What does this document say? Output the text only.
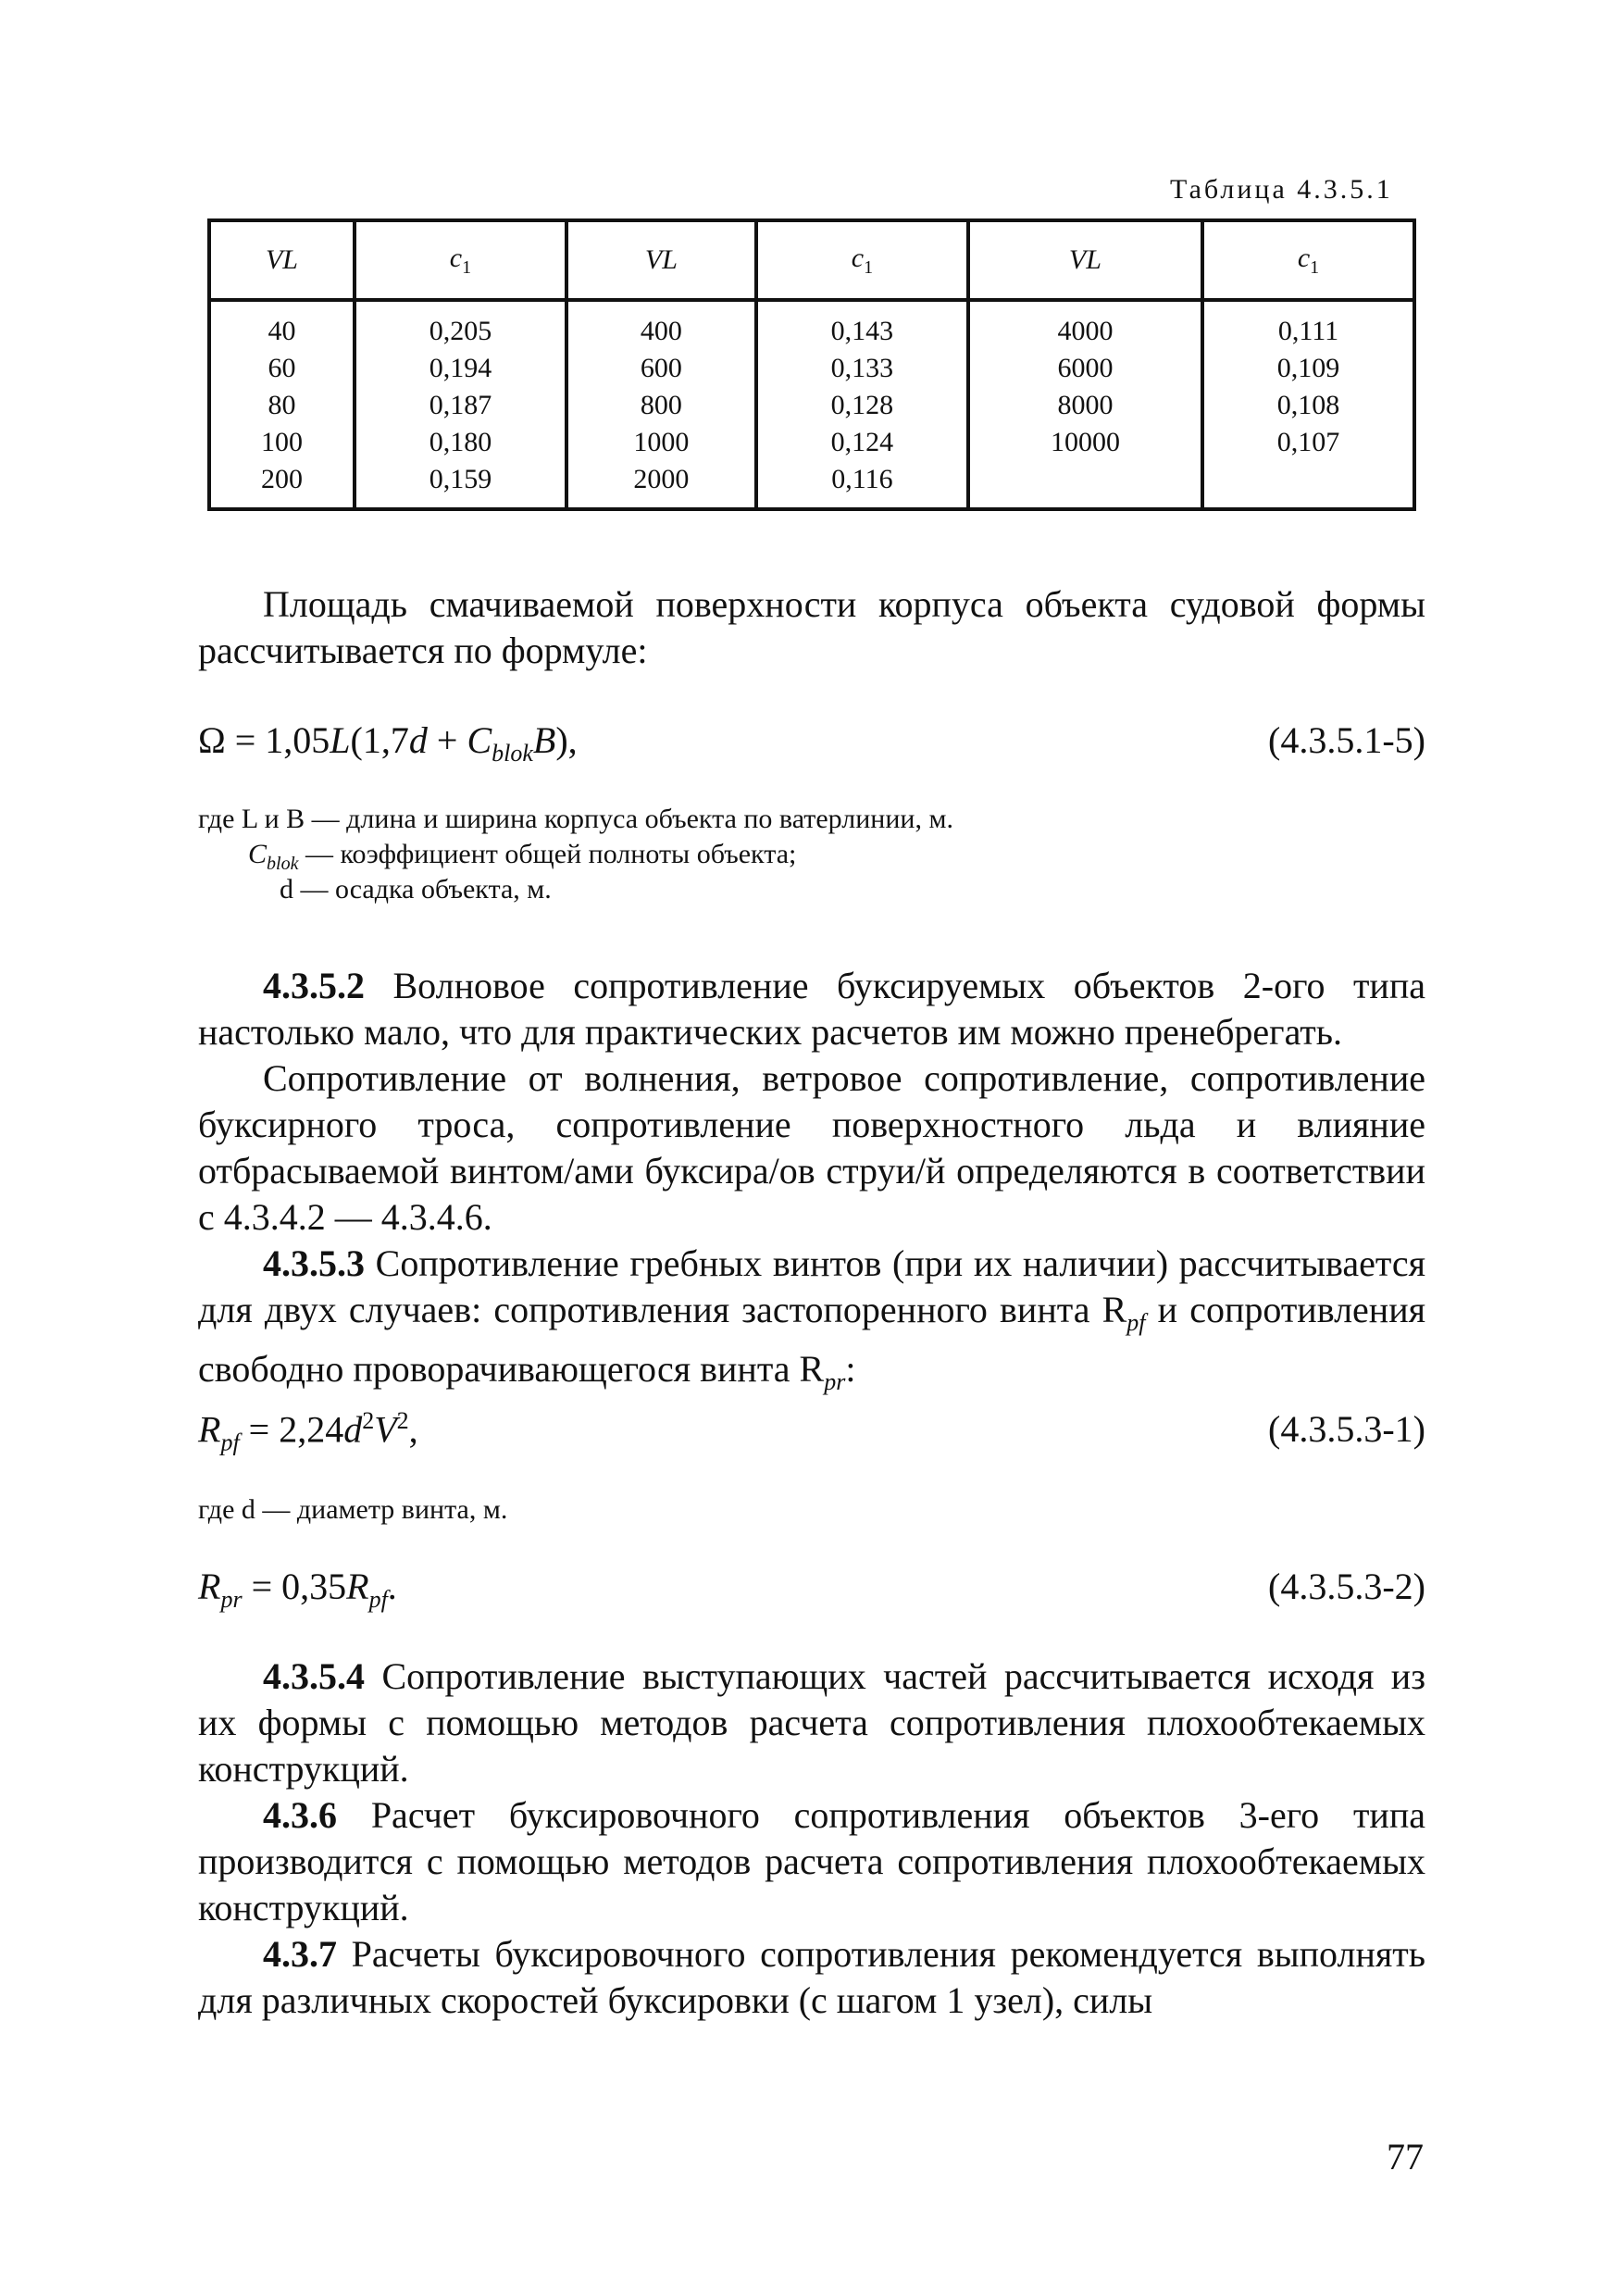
Таблица 4.3.5.1
VL	$c_1$	VL	$c_1$	VL	$c_1$
40	0,205	400	0,143	4000	0,111
60	0,194	600	0,133	6000	0,109
80	0,187	800	0,128	8000	0,108
100	0,180	1000	0,124	10000	0,107
200	0,159	2000	0,116		
Площадь смачиваемой поверхности корпуса объекта судовой формы рассчитывается по формуле:
$\Omega = 1,05L(1,7d + C_{blok}B)$,	(4.3.5.1-5)
где L и B — длина и ширина корпуса объекта по ватерлинии, м.
$C_{blok}$ — коэффициент общей полноты объекта;
d — осадка объекта, м.
4.3.5.2 Волновое сопротивление буксируемых объектов 2-ого типа настолько мало, что для практических расчетов им можно пренебрегать.
Сопротивление от волнения, ветровое сопротивление, сопротивление буксирного троса, сопротивление поверхностного льда и влияние отбрасываемой винтом/ами буксира/ов струи/й определяются в соответствии с 4.3.4.2 — 4.3.4.6.
4.3.5.3 Сопротивление гребных винтов (при их наличии) рассчитывается для двух случаев: сопротивления застопоренного винта $R_{pf}$ и сопротивления свободно проворачивающегося винта $R_{pr}$:
$R_{pf} = 2,24d^2V^2$,	(4.3.5.3-1)
где d — диаметр винта, м.
$R_{pr} = 0,35R_{pf}$.	(4.3.5.3-2)
4.3.5.4 Сопротивление выступающих частей рассчитывается исходя из их формы с помощью методов расчета сопротивления плохообтекаемых конструкций.
4.3.6 Расчет буксировочного сопротивления объектов 3-его типа производится с помощью методов расчета сопротивления плохообтекаемых конструкций.
4.3.7 Расчеты буксировочного сопротивления рекомендуется выполнять для различных скоростей буксировки (с шагом 1 узел), силы
77
